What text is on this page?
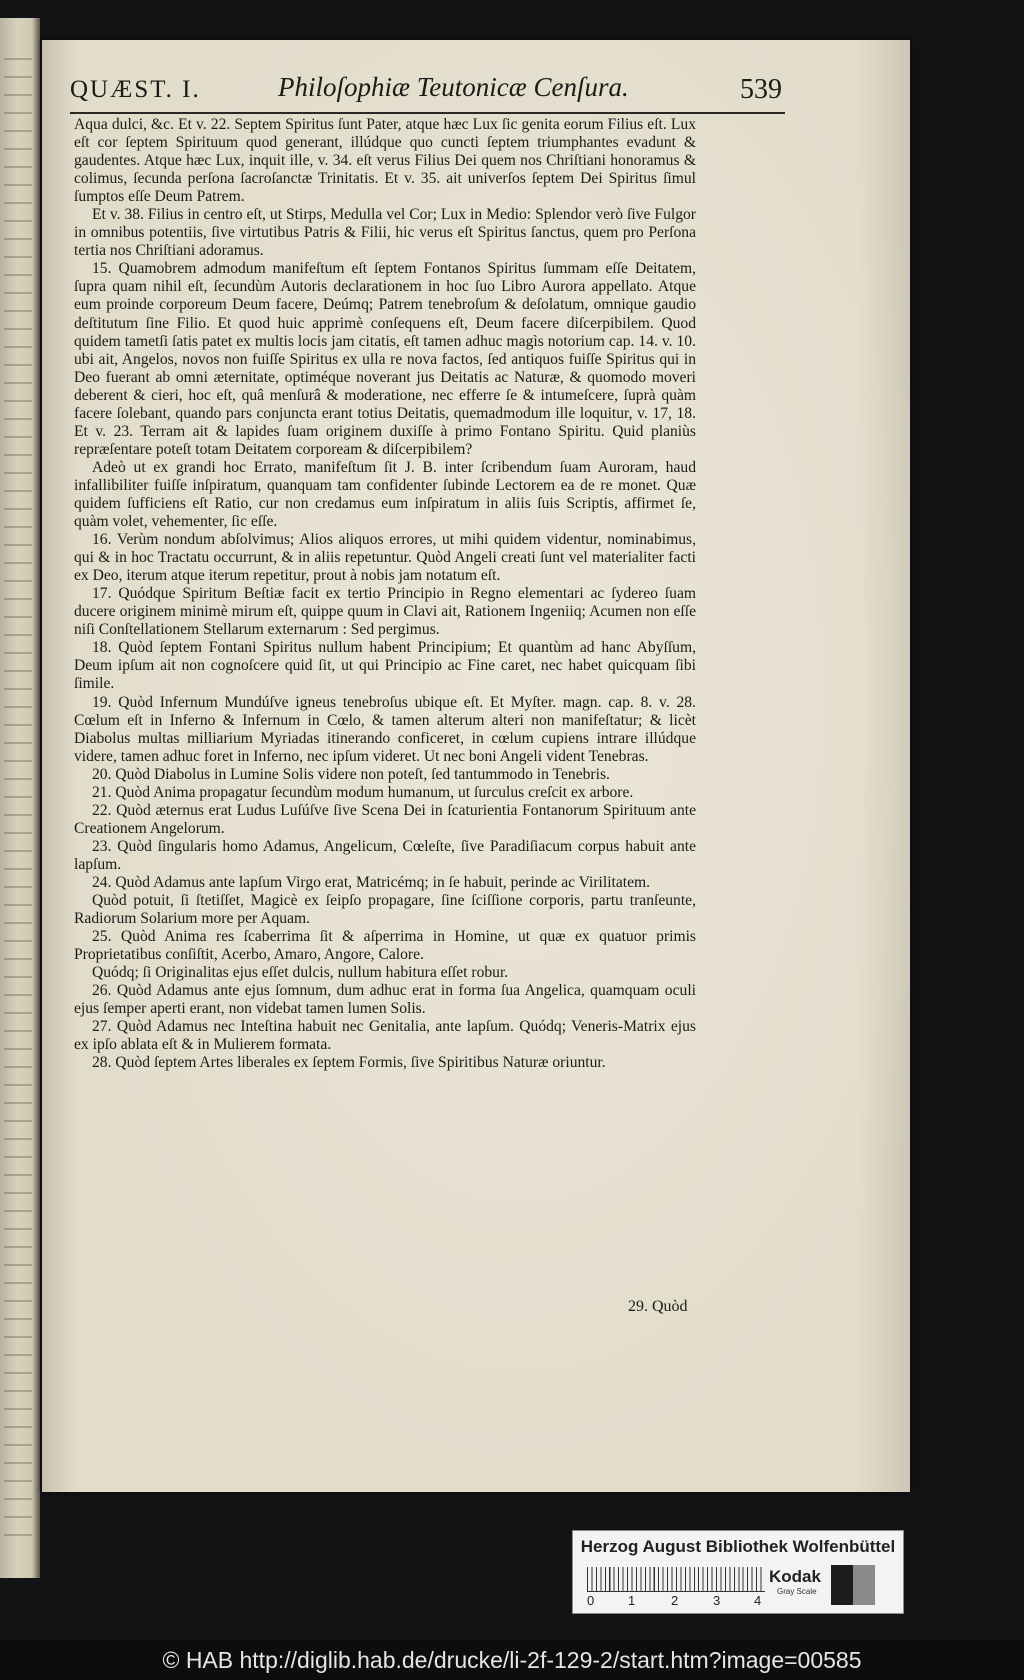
QUÆST. I.	Philoſophiæ Teutonicæ Cenſura.	539

Aqua dulci, &c. Et v. 22. Septem Spiritus ſunt Pater, atque hæc Lux ſic genita eorum Filius eſt. Lux eſt cor ſeptem Spirituum quod generant, illúdque quo cuncti ſeptem triumphantes evadunt & gaudentes. Atque hæc Lux, inquit ille, v. 34. eſt verus Filius Dei quem nos Chriſtiani honoramus & colimus, ſecunda perſona ſacroſanctæ Trinitatis. Et v. 35. ait univerſos ſeptem Dei Spiritus ſimul ſumptos eſſe Deum Patrem.

Et v. 38. Filius in centro eſt, ut Stirps, Medulla vel Cor; Lux in Medio: Splendor verò ſive Fulgor in omnibus potentiis, ſive virtutibus Patris & Filii, hic verus eſt Spiritus ſanctus, quem pro Perſona tertia nos Chriſtiani adoramus.

15. Quamobrem admodum manifeſtum eſt ſeptem Fontanos Spiritus ſummam eſſe Deitatem, ſupra quam nihil eſt, ſecundùm Autoris declarationem in hoc ſuo Libro Aurora appellato. Atque eum proinde corporeum Deum facere, Deúmq; Patrem tenebroſum & deſolatum, omnique gaudio deſtitutum ſine Filio. Et quod huic apprimè conſequens eſt, Deum facere diſcerpibilem. Quod quidem tametſi ſatis patet ex multis locis jam citatis, eſt tamen adhuc magìs notorium cap. 14. v. 10. ubi ait, Angelos, novos non fuiſſe Spiritus ex ulla re nova factos, ſed antiquos fuiſſe Spiritus qui in Deo fuerant ab omni æternitate, optiméque noverant jus Deitatis ac Naturæ, & quomodo moveri deberent & cieri, hoc eſt, quâ menſurâ & moderatione, nec efferre ſe & intumeſcere, ſuprà quàm facere ſolebant, quando pars conjuncta erant totius Deitatis, quemadmodum ille loquitur, v. 17, 18. Et v. 23. Terram ait & lapides ſuam originem duxiſſe à primo Fontano Spiritu. Quid planiùs repræſentare poteſt totam Deitatem corpoream & diſcerpibilem?

Adeò ut ex grandi hoc Errato, manifeſtum ſit J. B. inter ſcribendum ſuam Auroram, haud infallibiliter fuiſſe inſpiratum, quanquam tam confidenter ſubinde Lectorem ea de re monet. Quæ quidem ſufficiens eſt Ratio, cur non credamus eum inſpiratum in aliis ſuis Scriptis, affirmet ſe, quàm volet, vehementer, ſic eſſe.

16. Verùm nondum abſolvimus; Alios aliquos errores, ut mihi quidem videntur, nominabimus, qui & in hoc Tractatu occurrunt, & in aliis repetuntur. Quòd Angeli creati ſunt vel materialiter facti ex Deo, iterum atque iterum repetitur, prout à nobis jam notatum eſt.

17. Quódque Spiritum Beſtiæ facit ex tertio Principio in Regno elementari ac ſydereo ſuam ducere originem minimè mirum eſt, quippe quum in Clavi ait, Rationem Ingeniiq; Acumen non eſſe niſi Conſtellationem Stellarum externarum : Sed pergimus.

18. Quòd ſeptem Fontani Spiritus nullum habent Principium; Et quantùm ad hanc Abyſſum, Deum ipſum ait non cognoſcere quid ſit, ut qui Principio ac Fine caret, nec habet quicquam ſibi ſimile.

19. Quòd Infernum Mundúſve igneus tenebroſus ubique eſt. Et Myſter. magn. cap. 8. v. 28. Cœlum eſt in Inferno & Infernum in Cœlo, & tamen alterum alteri non manifeſtatur; & licèt Diabolus multas milliarium Myriadas itinerando conficeret, in cœlum cupiens intrare illúdque videre, tamen adhuc foret in Inferno, nec ipſum videret. Ut nec boni Angeli vident Tenebras.

20. Quòd Diabolus in Lumine Solis videre non poteſt, ſed tantummodo in Tenebris.

21. Quòd Anima propagatur ſecundùm modum humanum, ut ſurculus creſcit ex arbore.

22. Quòd æternus erat Ludus Luſúſve ſive Scena Dei in ſcaturientia Fontanorum Spirituum ante Creationem Angelorum.

23. Quòd ſingularis homo Adamus, Angelicum, Cœleſte, ſive Paradiſiacum corpus habuit ante lapſum.

24. Quòd Adamus ante lapſum Virgo erat, Matricémq; in ſe habuit, perinde ac Virilitatem.

Quòd potuit, ſi ſtetiſſet, Magicè ex ſeipſo propagare, ſine ſciſſione corporis, partu tranſeunte, Radiorum Solarium more per Aquam.

25. Quòd Anima res ſcaberrima ſit & aſperrima in Homine, ut quæ ex quatuor primis Proprietatibus conſiſtit, Acerbo, Amaro, Angore, Calore.

Quódq; ſi Originalitas ejus eſſet dulcis, nullum habitura eſſet robur.

26. Quòd Adamus ante ejus ſomnum, dum adhuc erat in forma ſua Angelica, quamquam oculi ejus ſemper aperti erant, non videbat tamen lumen Solis.

27. Quòd Adamus nec Inteſtina habuit nec Genitalia, ante lapſum. Quódq; Veneris-Matrix ejus ex ipſo ablata eſt & in Mulierem formata.

28. Quòd ſeptem Artes liberales ex ſeptem Formis, ſive Spiritibus Naturæ oriuntur.

29. Quòd
Herzog August Bibliothek Wolfenbüttel
0	1	2	3	4
Kodak
Gray Scale
© HAB http://diglib.hab.de/drucke/li-2f-129-2/start.htm?image=00585
